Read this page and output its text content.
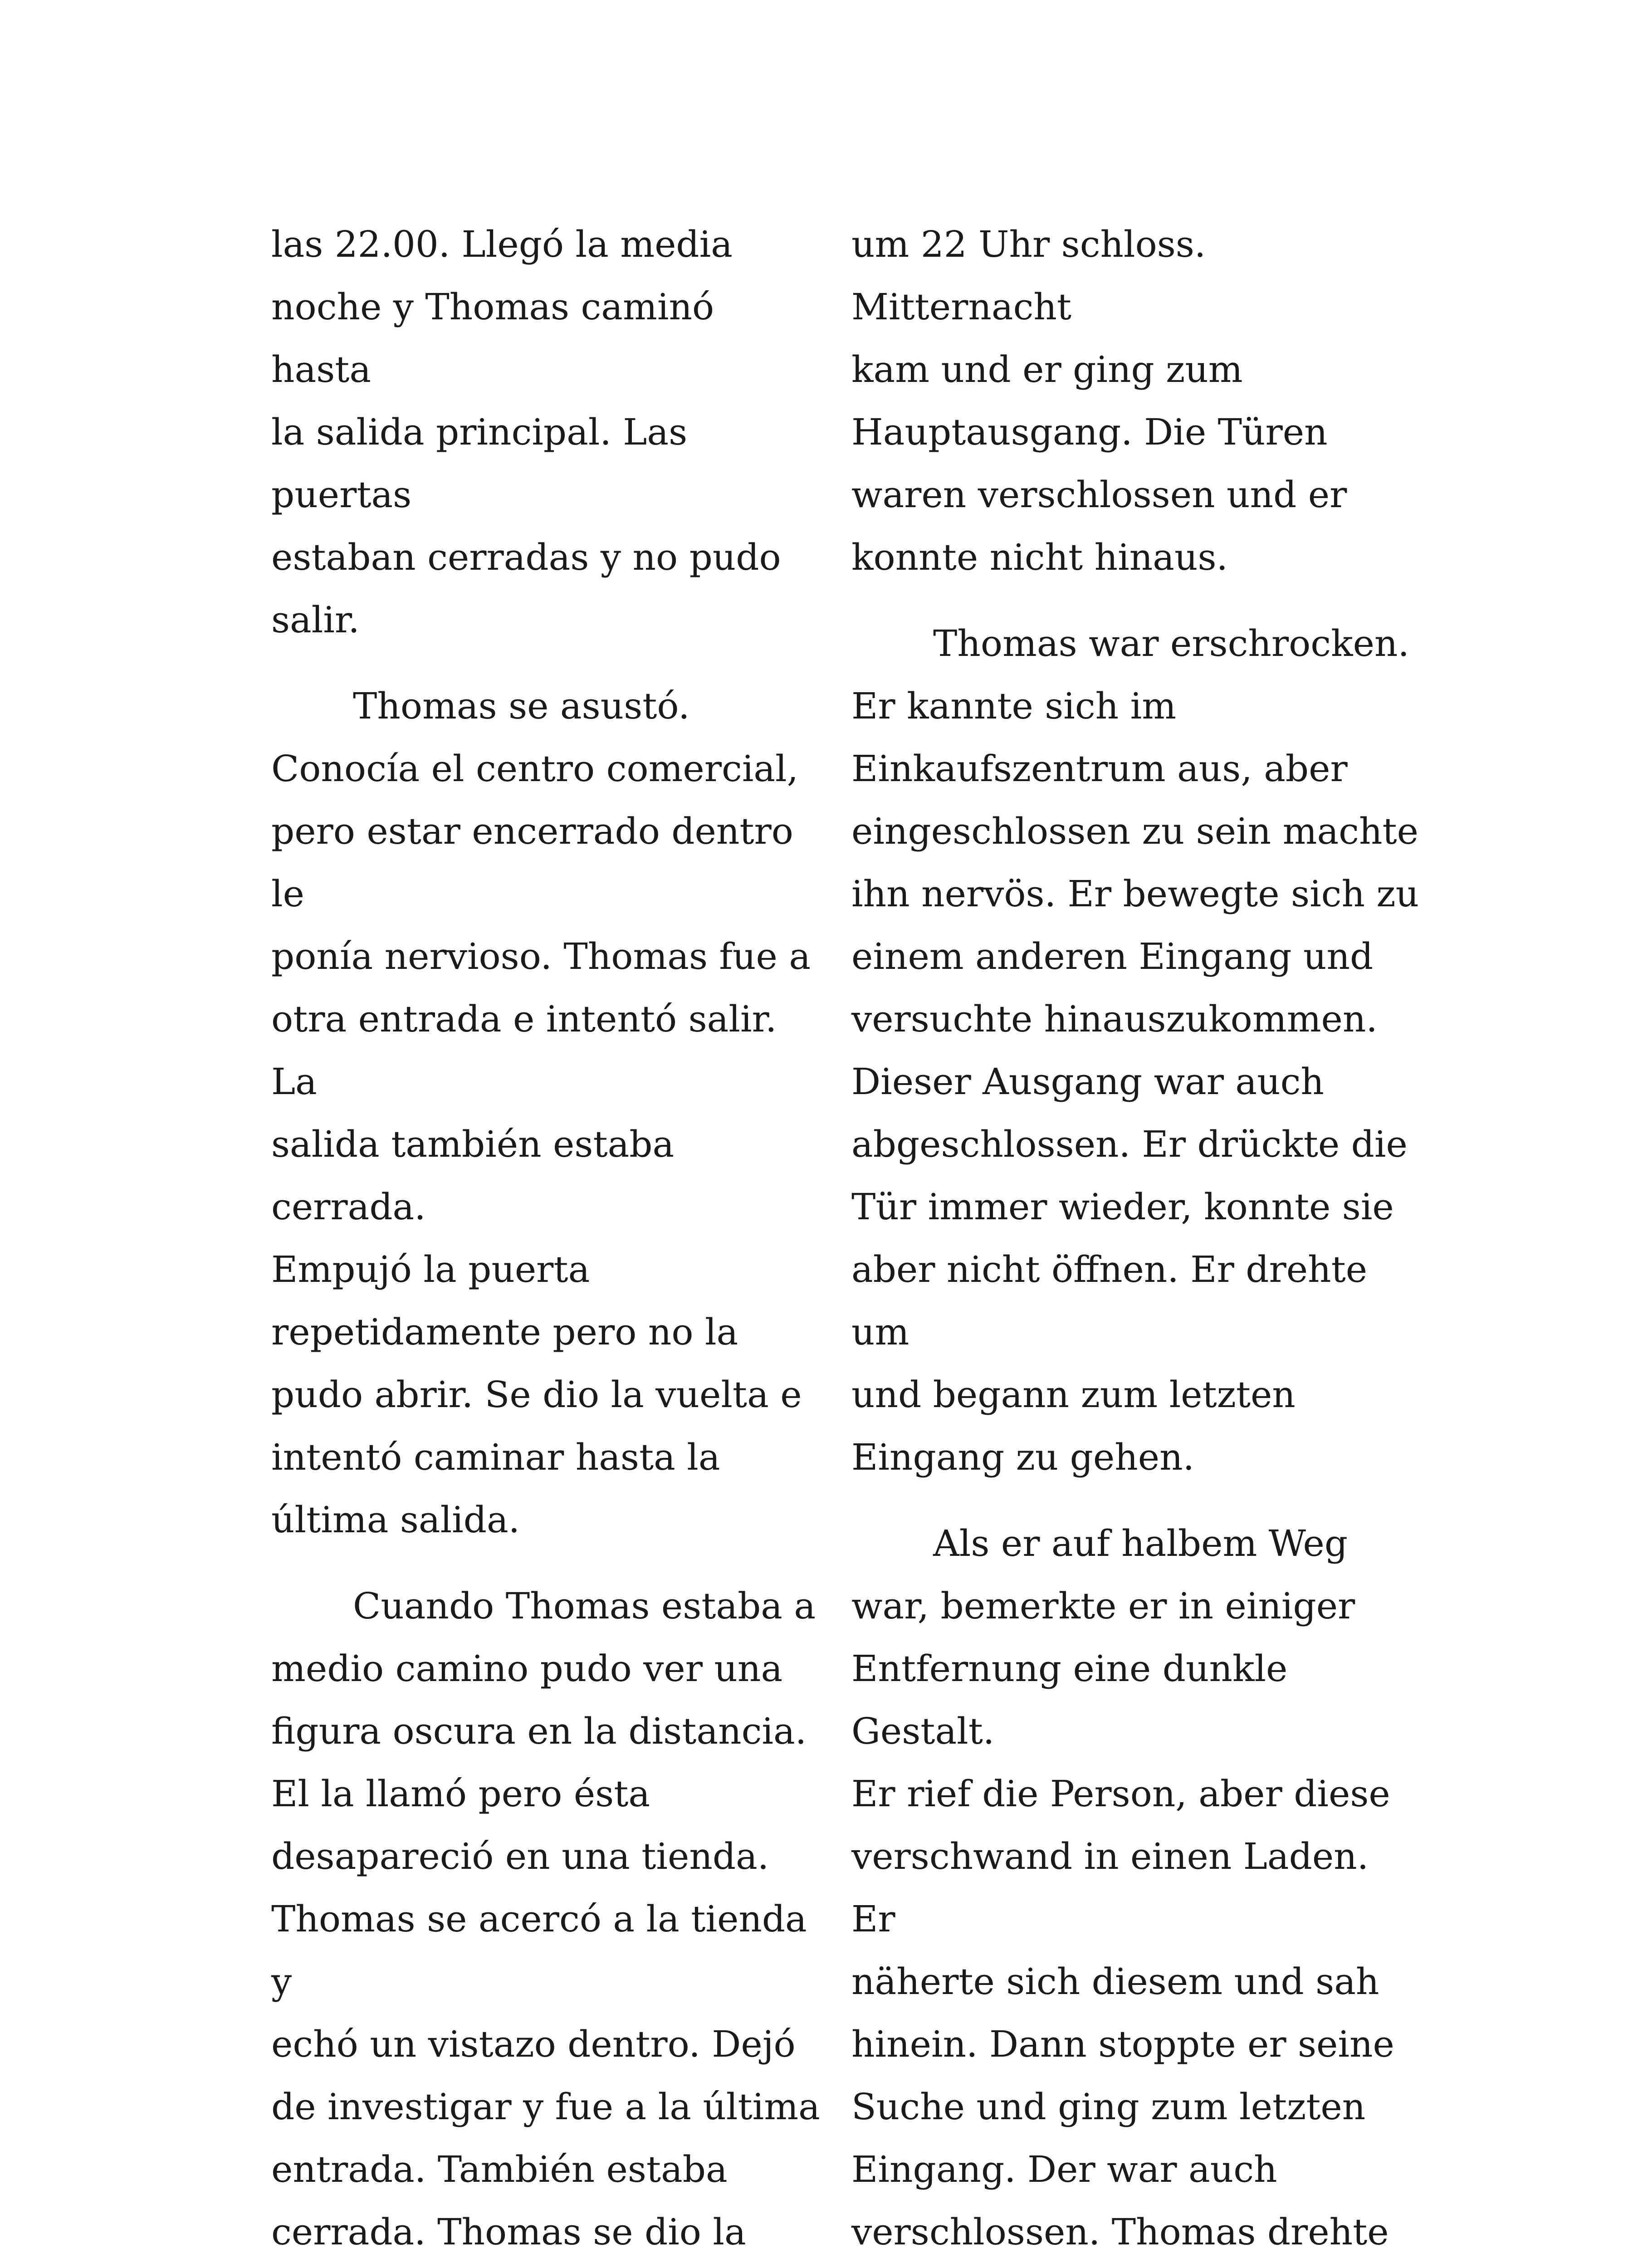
las 22.00. Llegó la media
noche y Thomas caminó hasta
la salida principal. Las puertas
estaban cerradas y no pudo
salir.

Thomas se asustó.
Conocía el centro comercial,
pero estar encerrado dentro le
ponía nervioso. Thomas fue a
otra entrada e intentó salir. La
salida también estaba cerrada.
Empujó la puerta
repetidamente pero no la
pudo abrir. Se dio la vuelta e
intentó caminar hasta la
última salida.

Cuando Thomas estaba a
medio camino pudo ver una
figura oscura en la distancia.
El la llamó pero ésta
desapareció en una tienda.
Thomas se acercó a la tienda y
echó un vistazo dentro. Dejó
de investigar y fue a la última
entrada. También estaba
cerrada. Thomas se dio la

um 22 Uhr schloss. Mitternacht
kam und er ging zum
Hauptausgang. Die Türen
waren verschlossen und er
konnte nicht hinaus.

Thomas war erschrocken.
Er kannte sich im
Einkaufszentrum aus, aber
eingeschlossen zu sein machte
ihn nervös. Er bewegte sich zu
einem anderen Eingang und
versuchte hinauszukommen.
Dieser Ausgang war auch
abgeschlossen. Er drückte die
Tür immer wieder, konnte sie
aber nicht öffnen. Er drehte um
und begann zum letzten
Eingang zu gehen.

Als er auf halbem Weg
war, bemerkte er in einiger
Entfernung eine dunkle Gestalt.
Er rief die Person, aber diese
verschwand in einen Laden. Er
näherte sich diesem und sah
hinein. Dann stoppte er seine
Suche und ging zum letzten
Eingang. Der war auch
verschlossen. Thomas drehte
